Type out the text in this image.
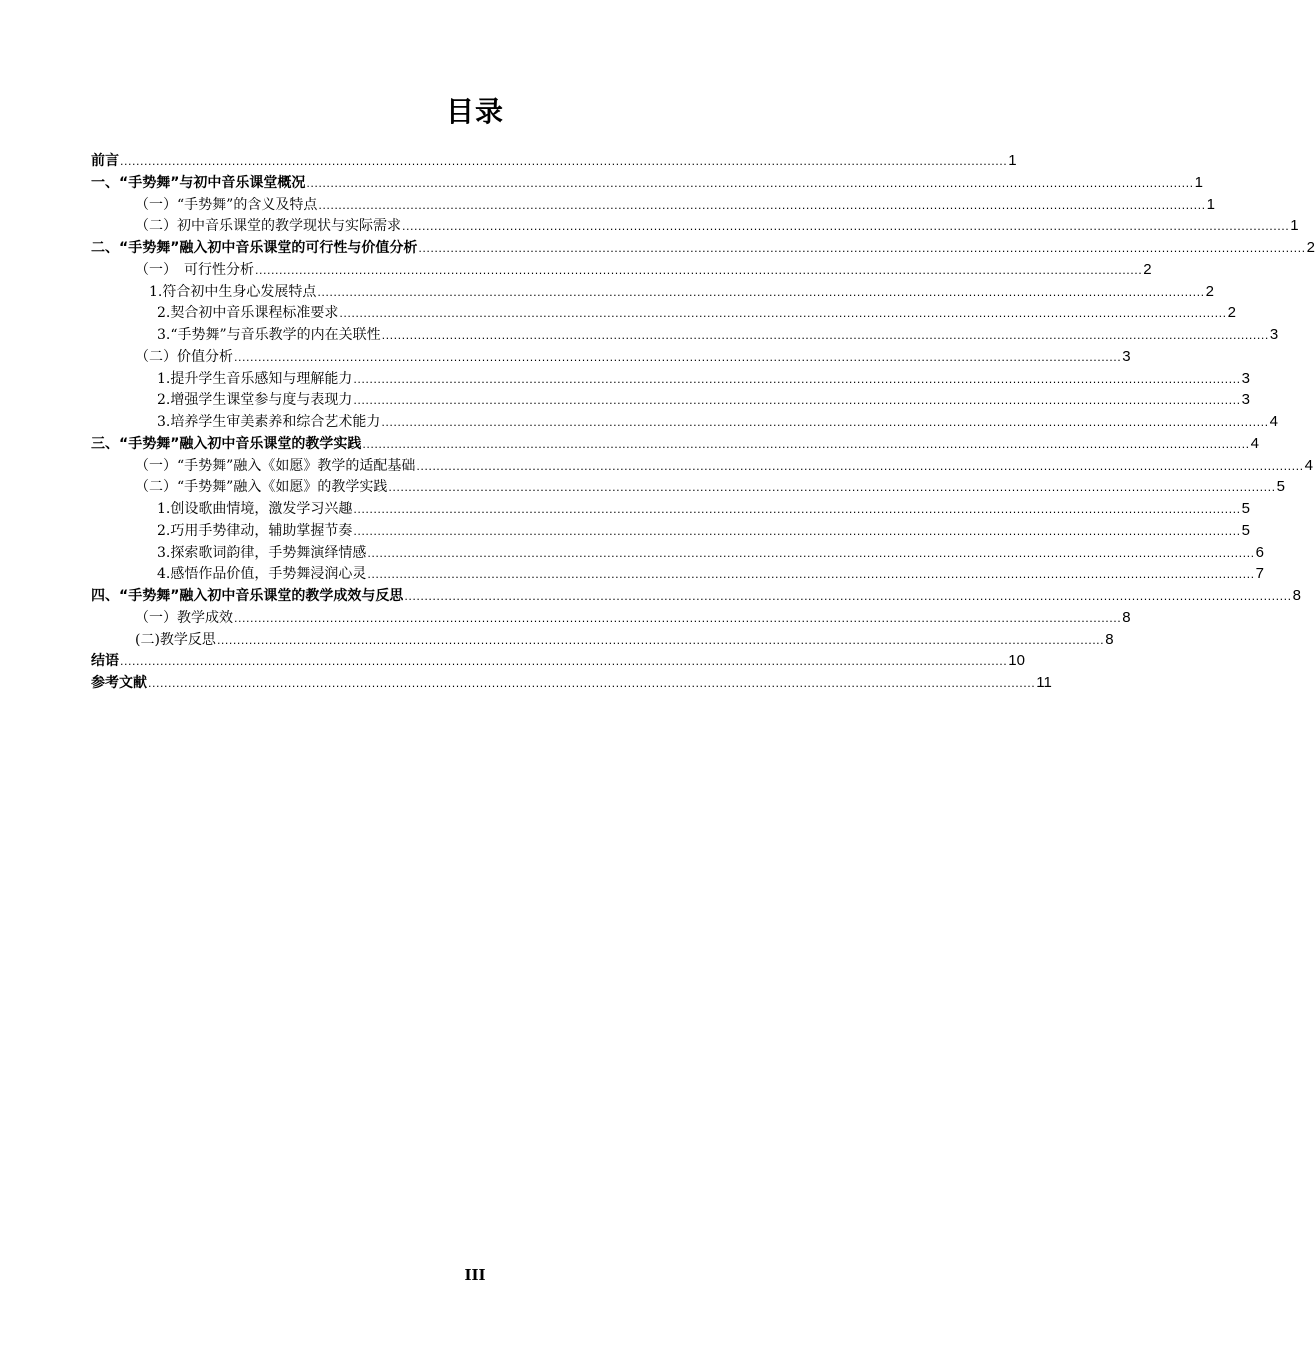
目录
前言 .............................................................................................................................................................................................................................. 1
一、“手势舞”与初中音乐课堂概况 .............................................................................................................................................................................................................................. 1
（一）“手势舞”的含义及特点 .............................................................................................................................................................................................................................. 1
（二）初中音乐课堂的教学现状与实际需求 .............................................................................................................................................................................................................................. 1
二、“手势舞”融入初中音乐课堂的可行性与价值分析 .............................................................................................................................................................................................................................. 2
（一）　可行性分析 .............................................................................................................................................................................................................................. 2
1.符合初中生身心发展特点 .............................................................................................................................................................................................................................. 2
2.契合初中音乐课程标准要求 .............................................................................................................................................................................................................................. 2
3.“手势舞”与音乐教学的内在关联性 .............................................................................................................................................................................................................................. 3
（二）价值分析 .............................................................................................................................................................................................................................. 3
1.提升学生音乐感知与理解能力 .............................................................................................................................................................................................................................. 3
2.增强学生课堂参与度与表现力 .............................................................................................................................................................................................................................. 3
3.培养学生审美素养和综合艺术能力 .............................................................................................................................................................................................................................. 4
三、“手势舞”融入初中音乐课堂的教学实践 .............................................................................................................................................................................................................................. 4
（一）“手势舞”融入《如愿》教学的适配基础 .............................................................................................................................................................................................................................. 4
（二）“手势舞”融入《如愿》的教学实践 .............................................................................................................................................................................................................................. 5
1.创设歌曲情境，激发学习兴趣 .............................................................................................................................................................................................................................. 5
2.巧用手势律动，辅助掌握节奏 .............................................................................................................................................................................................................................. 5
3.探索歌词韵律，手势舞演绎情感 .............................................................................................................................................................................................................................. 6
4.感悟作品价值，手势舞浸润心灵 .............................................................................................................................................................................................................................. 7
四、“手势舞”融入初中音乐课堂的教学成效与反思 .............................................................................................................................................................................................................................. 8
（一）教学成效 .............................................................................................................................................................................................................................. 8
(二)教学反思 .............................................................................................................................................................................................................................. 8
结语 .............................................................................................................................................................................................................................. 10
参考文献 .............................................................................................................................................................................................................................. 11
III
